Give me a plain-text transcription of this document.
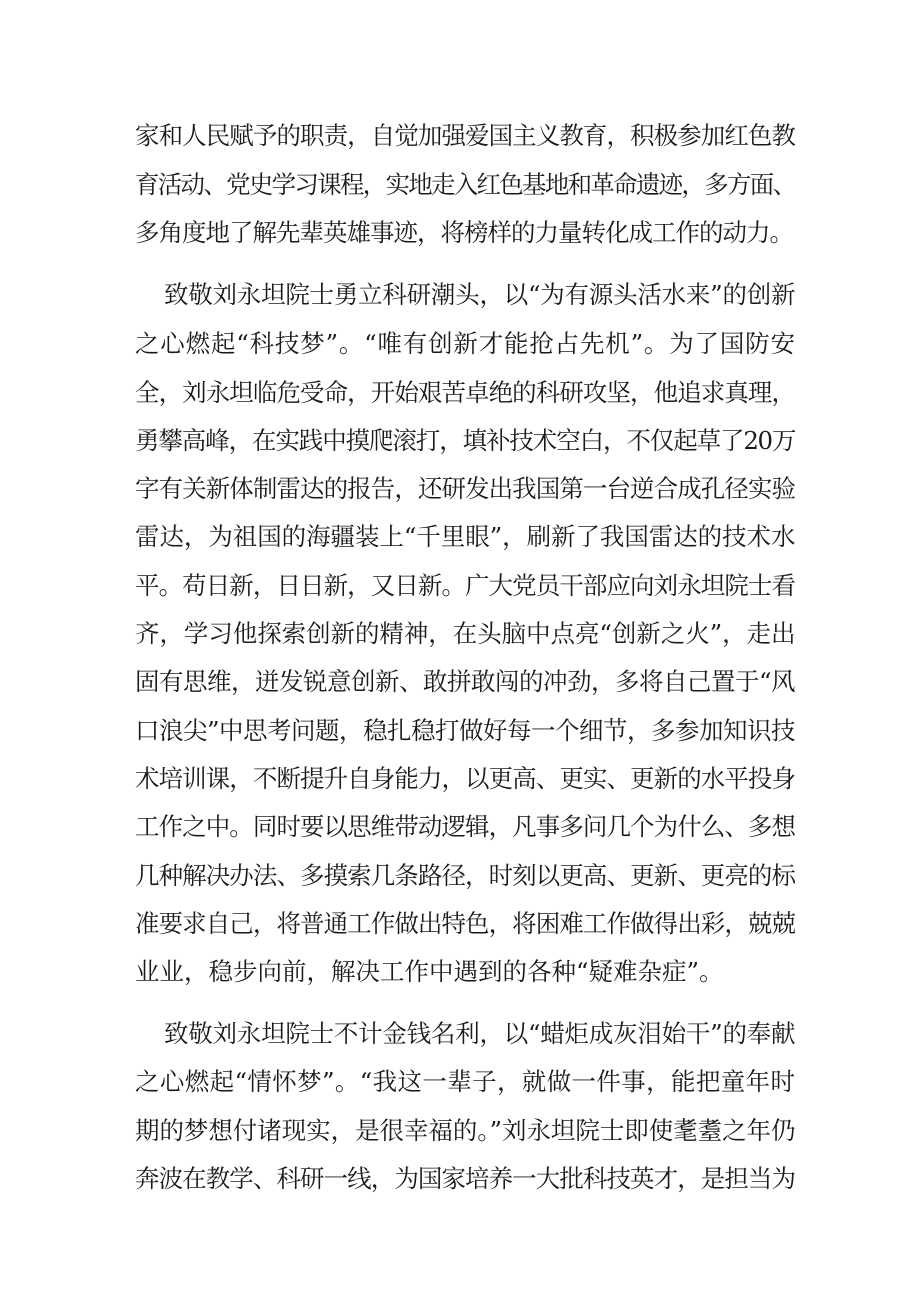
家和人民赋予的职责，自觉加强爱国主义教育，积极参加红色教
育活动、党史学习课程，实地走入红色基地和革命遗迹，多方面、
多角度地了解先辈英雄事迹，将榜样的力量转化成工作的动力。
致敬刘永坦院士勇立科研潮头，以“为有源头活水来”的创新
之心燃起“科技梦”。“唯有创新才能抢占先机”。为了国防安
全，刘永坦临危受命，开始艰苦卓绝的科研攻坚，他追求真理，
勇攀高峰，在实践中摸爬滚打，填补技术空白，不仅起草了20万
字有关新体制雷达的报告，还研发出我国第一台逆合成孔径实验
雷达，为祖国的海疆装上“千里眼”，刷新了我国雷达的技术水
平。苟日新，日日新，又日新。广大党员干部应向刘永坦院士看
齐，学习他探索创新的精神，在头脑中点亮“创新之火”，走出
固有思维，迸发锐意创新、敢拼敢闯的冲劲，多将自己置于“风
口浪尖”中思考问题，稳扎稳打做好每一个细节，多参加知识技
术培训课，不断提升自身能力，以更高、更实、更新的水平投身
工作之中。同时要以思维带动逻辑，凡事多问几个为什么、多想
几种解决办法、多摸索几条路径，时刻以更高、更新、更亮的标
准要求自己，将普通工作做出特色，将困难工作做得出彩，兢兢
业业，稳步向前，解决工作中遇到的各种“疑难杂症”。
致敬刘永坦院士不计金钱名利，以“蜡炬成灰泪始干”的奉献
之心燃起“情怀梦”。“我这一辈子，就做一件事，能把童年时
期的梦想付诸现实，是很幸福的。”刘永坦院士即使耄耋之年仍
奔波在教学、科研一线，为国家培养一大批科技英才，是担当为
